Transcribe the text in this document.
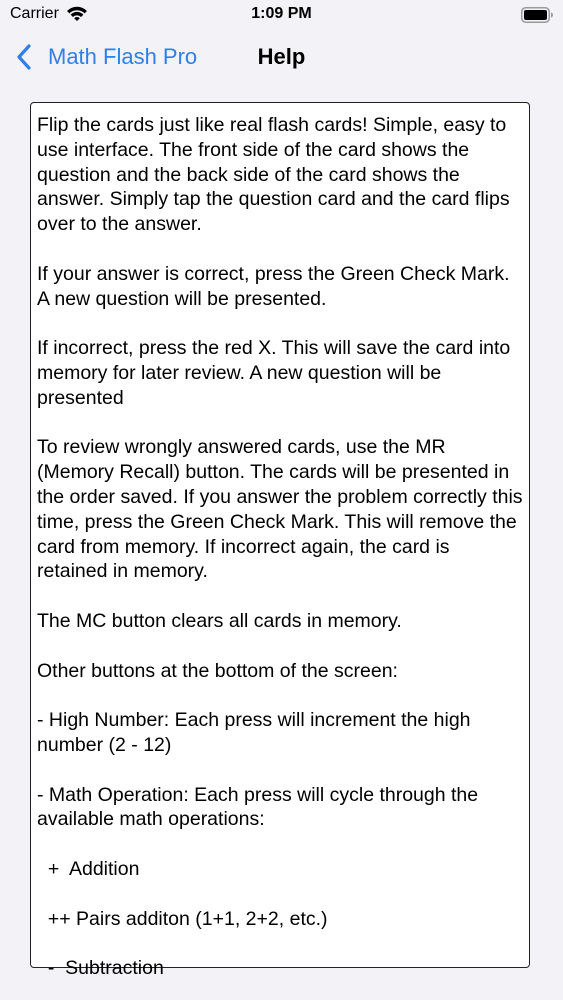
Carrier	1:09 PM
Math Flash Pro	Help

Flip the cards just like real flash cards! Simple, easy to use interface. The front side of the card shows the question and the back side of the card shows the answer. Simply tap the question card and the card flips over to the answer.

If your answer is correct, press the Green Check Mark. A new question will be presented.

If incorrect, press the red X. This will save the card into memory for later review. A new question will be presented

To review wrongly answered cards, use the MR (Memory Recall) button. The cards will be presented in the order saved. If you answer the problem correctly this time, press the Green Check Mark. This will remove the card from memory. If incorrect again, the card is retained in memory.

The MC button clears all cards in memory.

Other buttons at the bottom of the screen:

- High Number: Each press will increment the high number (2 - 12)

- Math Operation: Each press will cycle through the available math operations:

+  Addition

++ Pairs additon (1+1, 2+2, etc.)

-  Subtraction
